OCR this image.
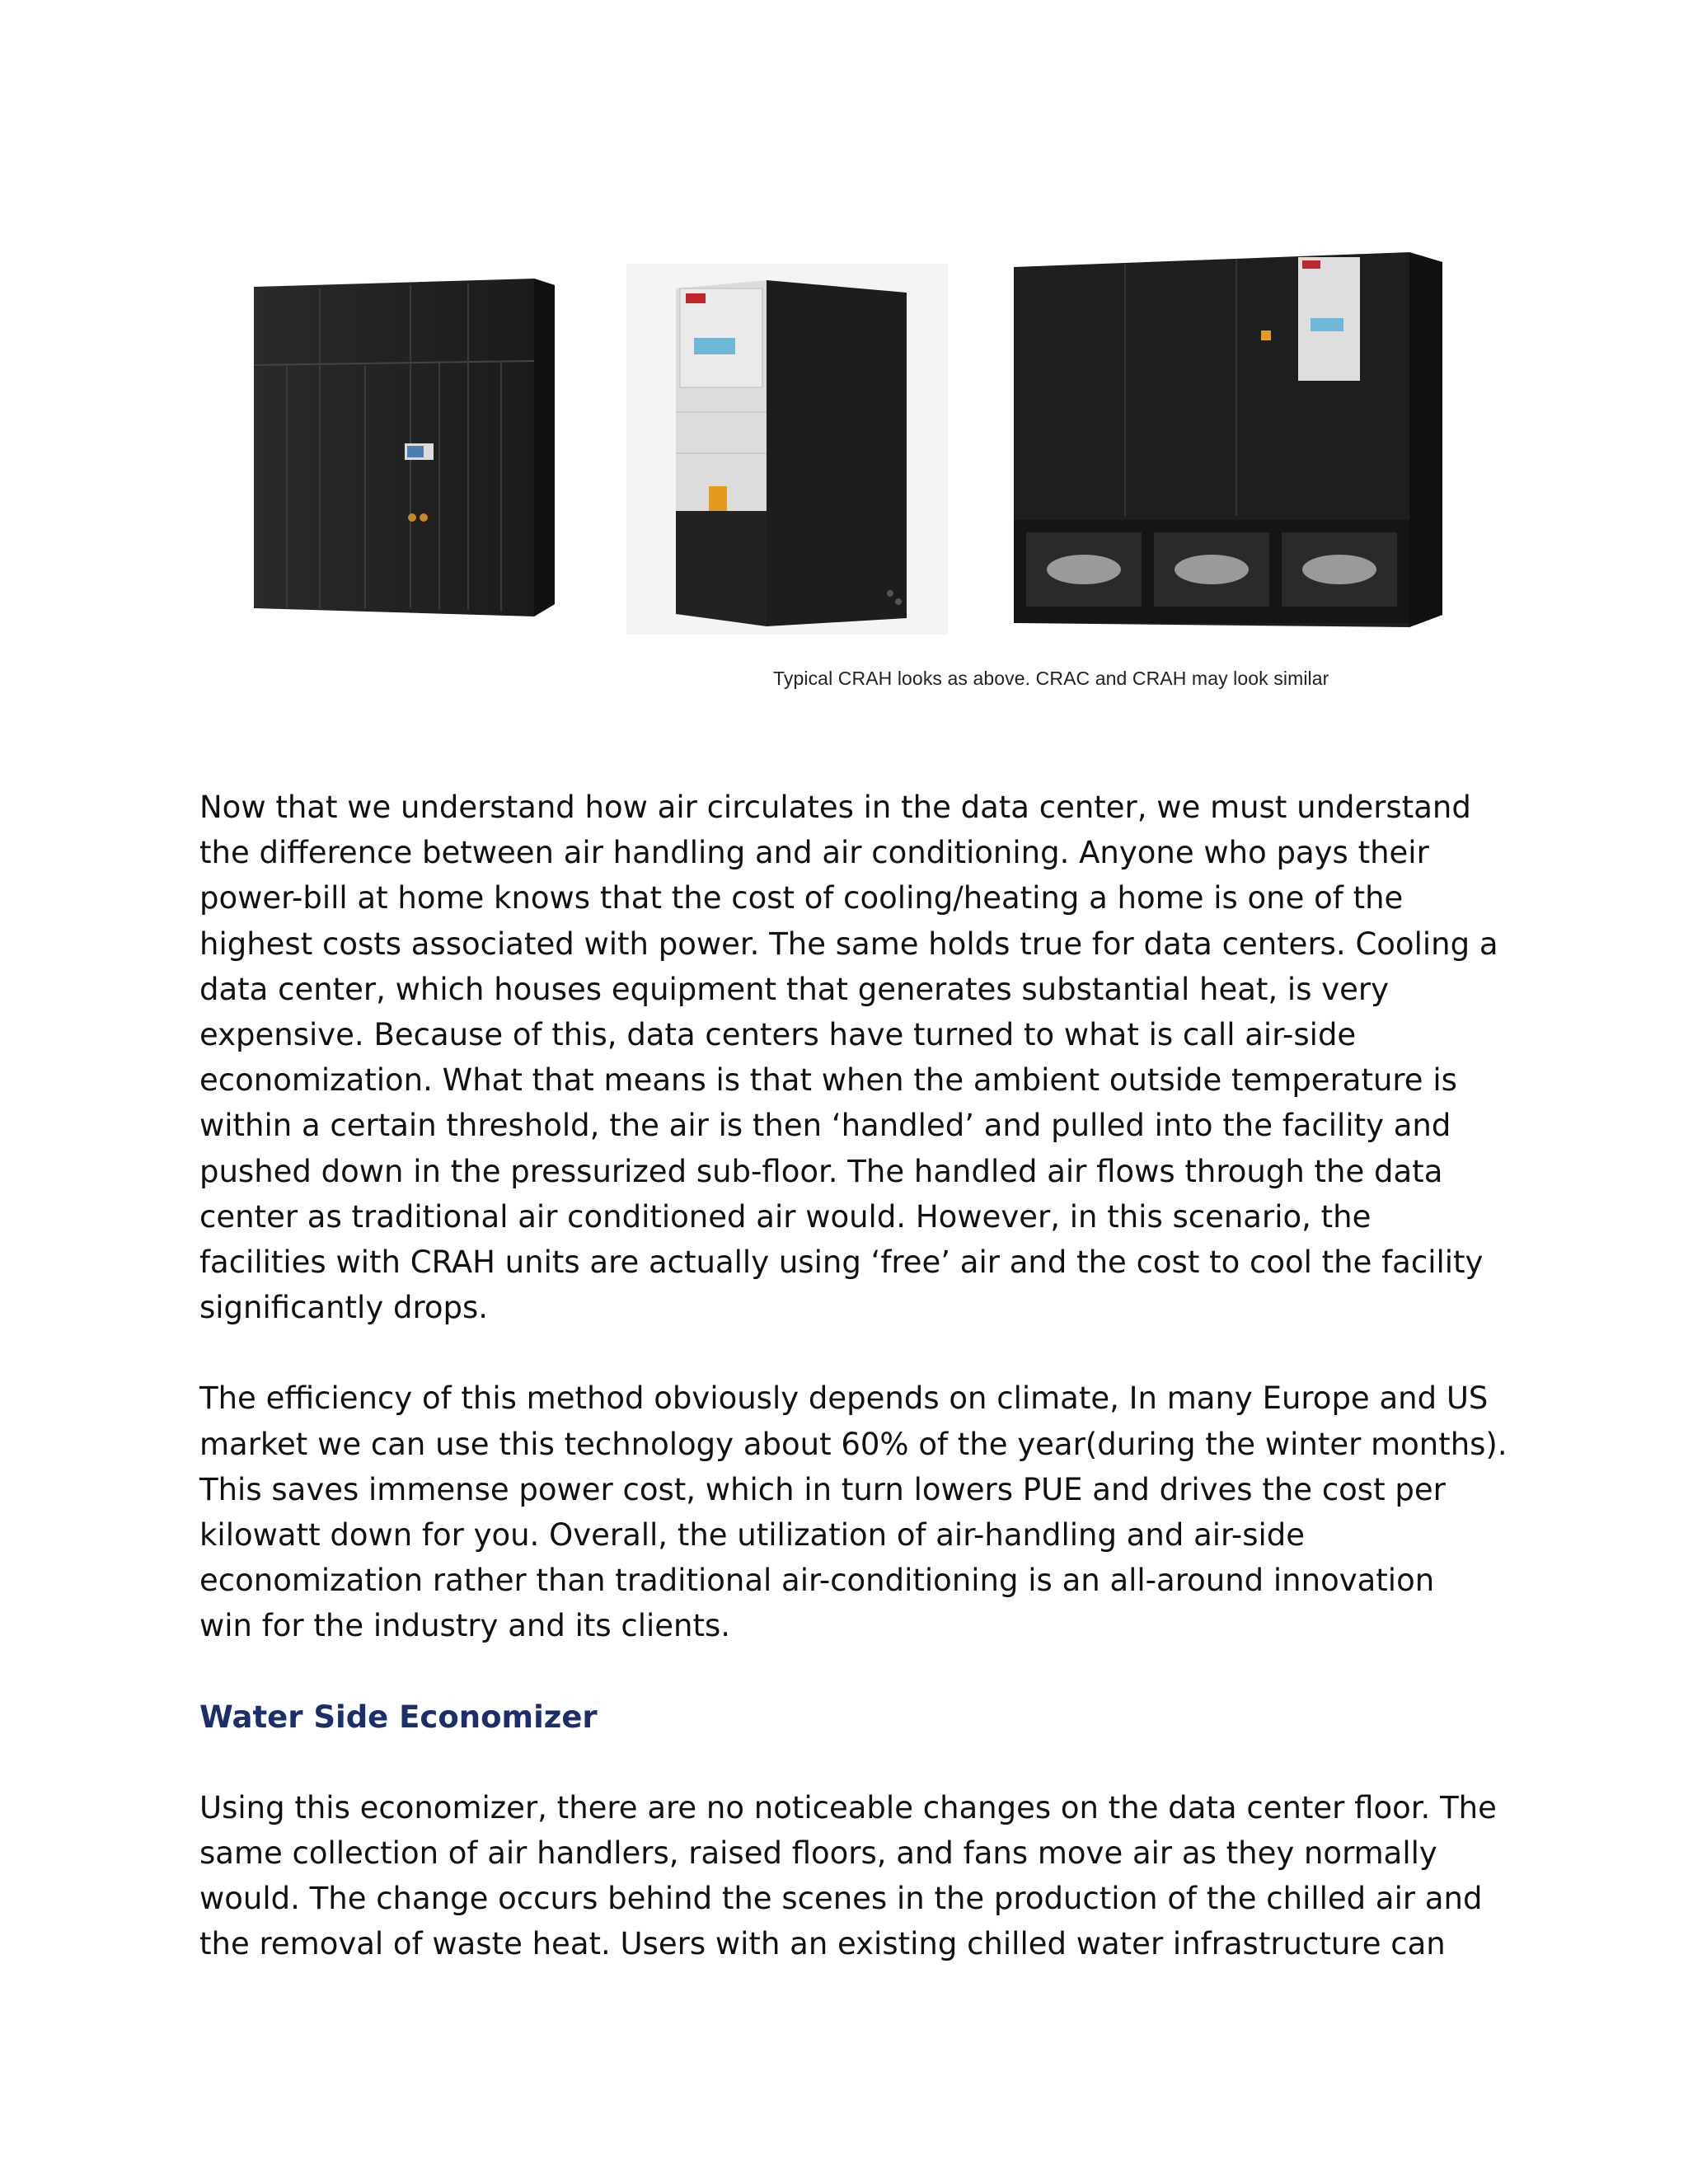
Typical CRAH looks as above. CRAC and CRAH may look similar

Now that we understand how air circulates in the data center, we must understand
the difference between air handling and air conditioning. Anyone who pays their
power-bill at home knows that the cost of cooling/heating a home is one of the
highest costs associated with power. The same holds true for data centers. Cooling a
data center, which houses equipment that generates substantial heat, is very
expensive. Because of this, data centers have turned to what is call air-side
economization. What that means is that when the ambient outside temperature is
within a certain threshold, the air is then ‘handled’ and pulled into the facility and
pushed down in the pressurized sub-floor. The handled air flows through the data
center as traditional air conditioned air would. However, in this scenario, the
facilities with CRAH units are actually using ‘free’ air and the cost to cool the facility
significantly drops.

The efficiency of this method obviously depends on climate, In many Europe and US
market we can use this technology about 60% of the year(during the winter months).
This saves immense power cost, which in turn lowers PUE and drives the cost per
kilowatt down for you. Overall, the utilization of air-handling and air-side
economization rather than traditional air-conditioning is an all-around innovation
win for the industry and its clients.

Water Side Economizer

Using this economizer, there are no noticeable changes on the data center floor. The
same collection of air handlers, raised floors, and fans move air as they normally
would. The change occurs behind the scenes in the production of the chilled air and
the removal of waste heat. Users with an existing chilled water infrastructure can
